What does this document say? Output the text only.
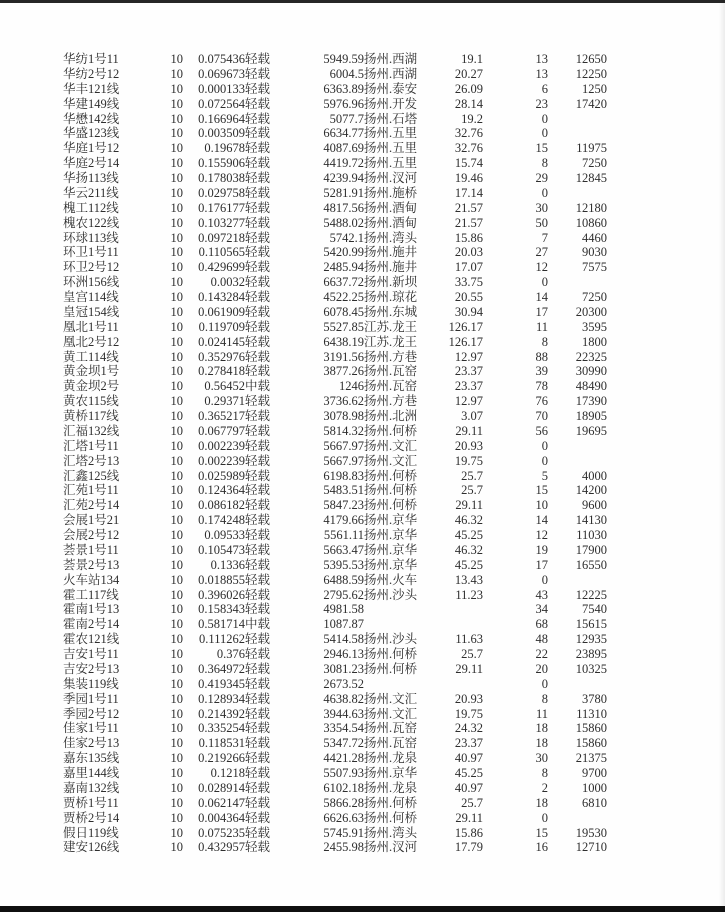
华纺1号11	10	0.075436	轻载	5949.59	扬州.西湖	19.1	13	12650
华纺2号12	10	0.069673	轻载	6004.5	扬州.西湖	20.27	13	12250
华丰121线	10	0.000133	轻载	6363.89	扬州.泰安	26.09	6	1250
华建149线	10	0.072564	轻载	5976.96	扬州.开发	28.14	23	17420
华懋142线	10	0.166964	轻载	5077.7	扬州.石塔	19.2	0	
华盛123线	10	0.003509	轻载	6634.77	扬州.五里	32.76	0	
华庭1号12	10	0.19678	轻载	4087.69	扬州.五里	32.76	15	11975
华庭2号14	10	0.155906	轻载	4419.72	扬州.五里	15.74	8	7250
华扬113线	10	0.178038	轻载	4239.94	扬州.汊河	19.46	29	12845
华云211线	10	0.029758	轻载	5281.91	扬州.施桥	17.14	0	
槐工112线	10	0.176177	轻载	4817.56	扬州.酒甸	21.57	30	12180
槐农122线	10	0.103277	轻载	5488.02	扬州.酒甸	21.57	50	10860
环球113线	10	0.097218	轻载	5742.1	扬州.湾头	15.86	7	4460
环卫1号11	10	0.110565	轻载	5420.99	扬州.施井	20.03	27	9030
环卫2号12	10	0.429699	轻载	2485.94	扬州.施井	17.07	12	7575
环洲156线	10	0.0032	轻载	6637.72	扬州.新坝	33.75	0	
皇宫114线	10	0.143284	轻载	4522.25	扬州.琼花	20.55	14	7250
皇冠154线	10	0.061909	轻载	6078.45	扬州.东城	30.94	17	20300
凰北1号11	10	0.119709	轻载	5527.85	江苏.龙王	126.17	11	3595
凰北2号12	10	0.024145	轻载	6438.19	江苏.龙王	126.17	8	1800
黄工114线	10	0.352976	轻载	3191.56	扬州.方巷	12.97	88	22325
黄金坝1号	10	0.278418	轻载	3877.26	扬州.瓦窑	23.37	39	30990
黄金坝2号	10	0.56452	中载	1246	扬州.瓦窑	23.37	78	48490
黄农115线	10	0.29371	轻载	3736.62	扬州.方巷	12.97	76	17390
黄桥117线	10	0.365217	轻载	3078.98	扬州.北洲	3.07	70	18905
汇福132线	10	0.067797	轻载	5814.32	扬州.何桥	29.11	56	19695
汇塔1号11	10	0.002239	轻载	5667.97	扬州.文汇	20.93	0	
汇塔2号13	10	0.002239	轻载	5667.97	扬州.文汇	19.75	0	
汇鑫125线	10	0.025989	轻载	6198.83	扬州.何桥	25.7	5	4000
汇苑1号11	10	0.124364	轻载	5483.51	扬州.何桥	25.7	15	14200
汇苑2号14	10	0.086182	轻载	5847.23	扬州.何桥	29.11	10	9600
会展1号21	10	0.174248	轻载	4179.66	扬州.京华	46.32	14	14130
会展2号12	10	0.09533	轻载	5561.11	扬州.京华	45.25	12	11030
荟景1号11	10	0.105473	轻载	5663.47	扬州.京华	46.32	19	17900
荟景2号13	10	0.1336	轻载	5395.53	扬州.京华	45.25	17	16550
火车站134	10	0.018855	轻载	6488.59	扬州.火车	13.43	0	
霍工117线	10	0.396026	轻载	2795.62	扬州.沙头	11.23	43	12225
霍南1号13	10	0.158343	轻载	4981.58			34	7540
霍南2号14	10	0.581714	中载	1087.87			68	15615
霍农121线	10	0.111262	轻载	5414.58	扬州.沙头	11.63	48	12935
吉安1号11	10	0.376	轻载	2946.13	扬州.何桥	25.7	22	23895
吉安2号13	10	0.364972	轻载	3081.23	扬州.何桥	29.11	20	10325
集装119线	10	0.419345	轻载	2673.52			0	
季园1号11	10	0.128934	轻载	4638.82	扬州.文汇	20.93	8	3780
季园2号12	10	0.214392	轻载	3944.63	扬州.文汇	19.75	11	11310
佳家1号11	10	0.335254	轻载	3354.54	扬州.瓦窑	24.32	18	15860
佳家2号13	10	0.118531	轻载	5347.72	扬州.瓦窑	23.37	18	15860
嘉东135线	10	0.219266	轻载	4421.28	扬州.龙泉	40.97	30	21375
嘉里144线	10	0.1218	轻载	5507.93	扬州.京华	45.25	8	9700
嘉南132线	10	0.028914	轻载	6102.18	扬州.龙泉	40.97	2	1000
贾桥1号11	10	0.062147	轻载	5866.28	扬州.何桥	25.7	18	6810
贾桥2号14	10	0.004364	轻载	6626.63	扬州.何桥	29.11	0	
假日119线	10	0.075235	轻载	5745.91	扬州.湾头	15.86	15	19530
建安126线	10	0.432957	轻载	2455.98	扬州.汊河	17.79	16	12710
